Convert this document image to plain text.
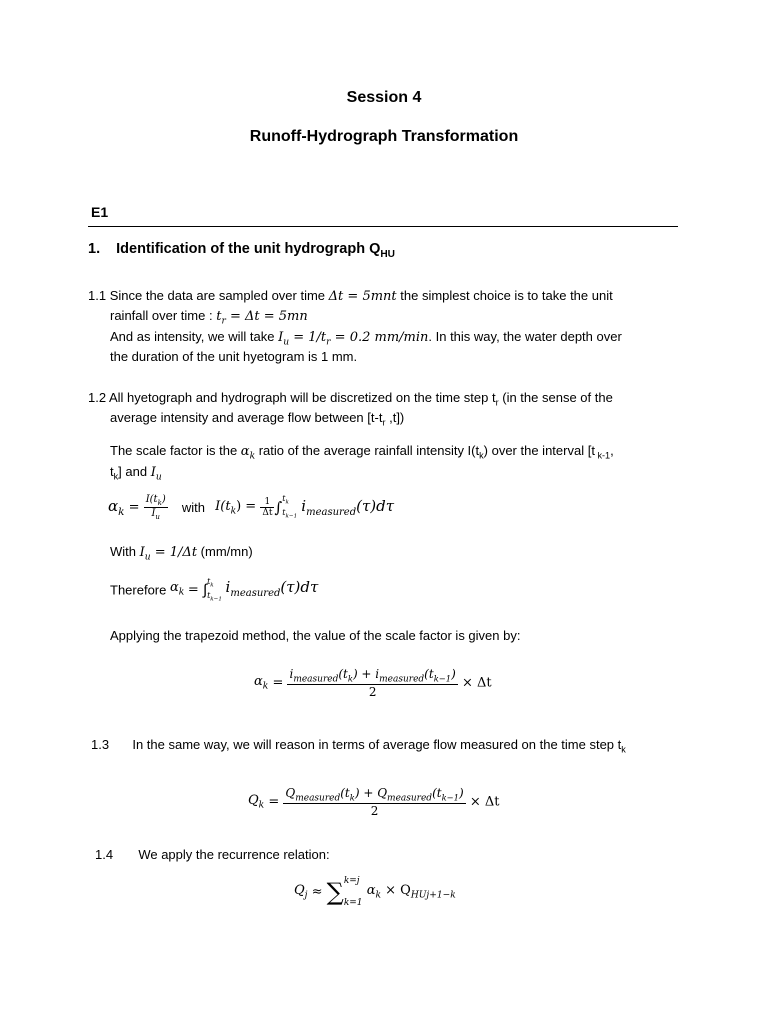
Session 4
Runoff-Hydrograph Transformation
E1
1. Identification of the unit hydrograph $Q_{HU}$
1.1 Since the data are sampled over time Δt = 5mnt the simplest choice is to take the unit
rainfall over time : $t_r = \Delta t = 5mn$
And as intensity, we will take $I_u = 1/t_r = 0.2$ mm/min. In this way, the water depth over
the duration of the unit hyetogram is 1 mm.
1.2 All hyetograph and hydrograph will be discretized on the time step $t_r$ (in the sense of the
average intensity and average flow between [$t-t_r$ ,t])
The scale factor is the $\alpha_k$ ratio of the average rainfall intensity $I(t_k)$ over the interval [t $_{k-1}$,
$t_k$] and $I_u$
$\alpha_k = \frac{I(t_k)}{I_u}$ with $I(t_k) = \frac{1}{\Delta t}$ ∫
$t_k$
$t_{k-1}$
$i_{measured}(\tau)d\tau$
With $I_u = 1/\Delta t$ (mm/mn)
Therefore $\alpha_k$ = ∫
$t_k$
$t_{k-1}$
$i_{measured}(\tau)d\tau$
Applying the trapezoid method, the value of the scale factor is given by:
$\alpha_k = \frac{i_{measured}(t_k) + i_{measured}(t_{k-1})}{2} \times \Delta t$
1.3 In the same way, we will reason in terms of average flow measured on the time step $t_k$
$Q_k = \frac{Q_{measured}(t_k) + Q_{measured}(t_{k-1})}{2} \times \Delta t$
1.4 We apply the recurrence relation:
$Q_j$ ≈ ∑ k=j
k=1
$\alpha_k \times Q_{HUj+1-k}$
